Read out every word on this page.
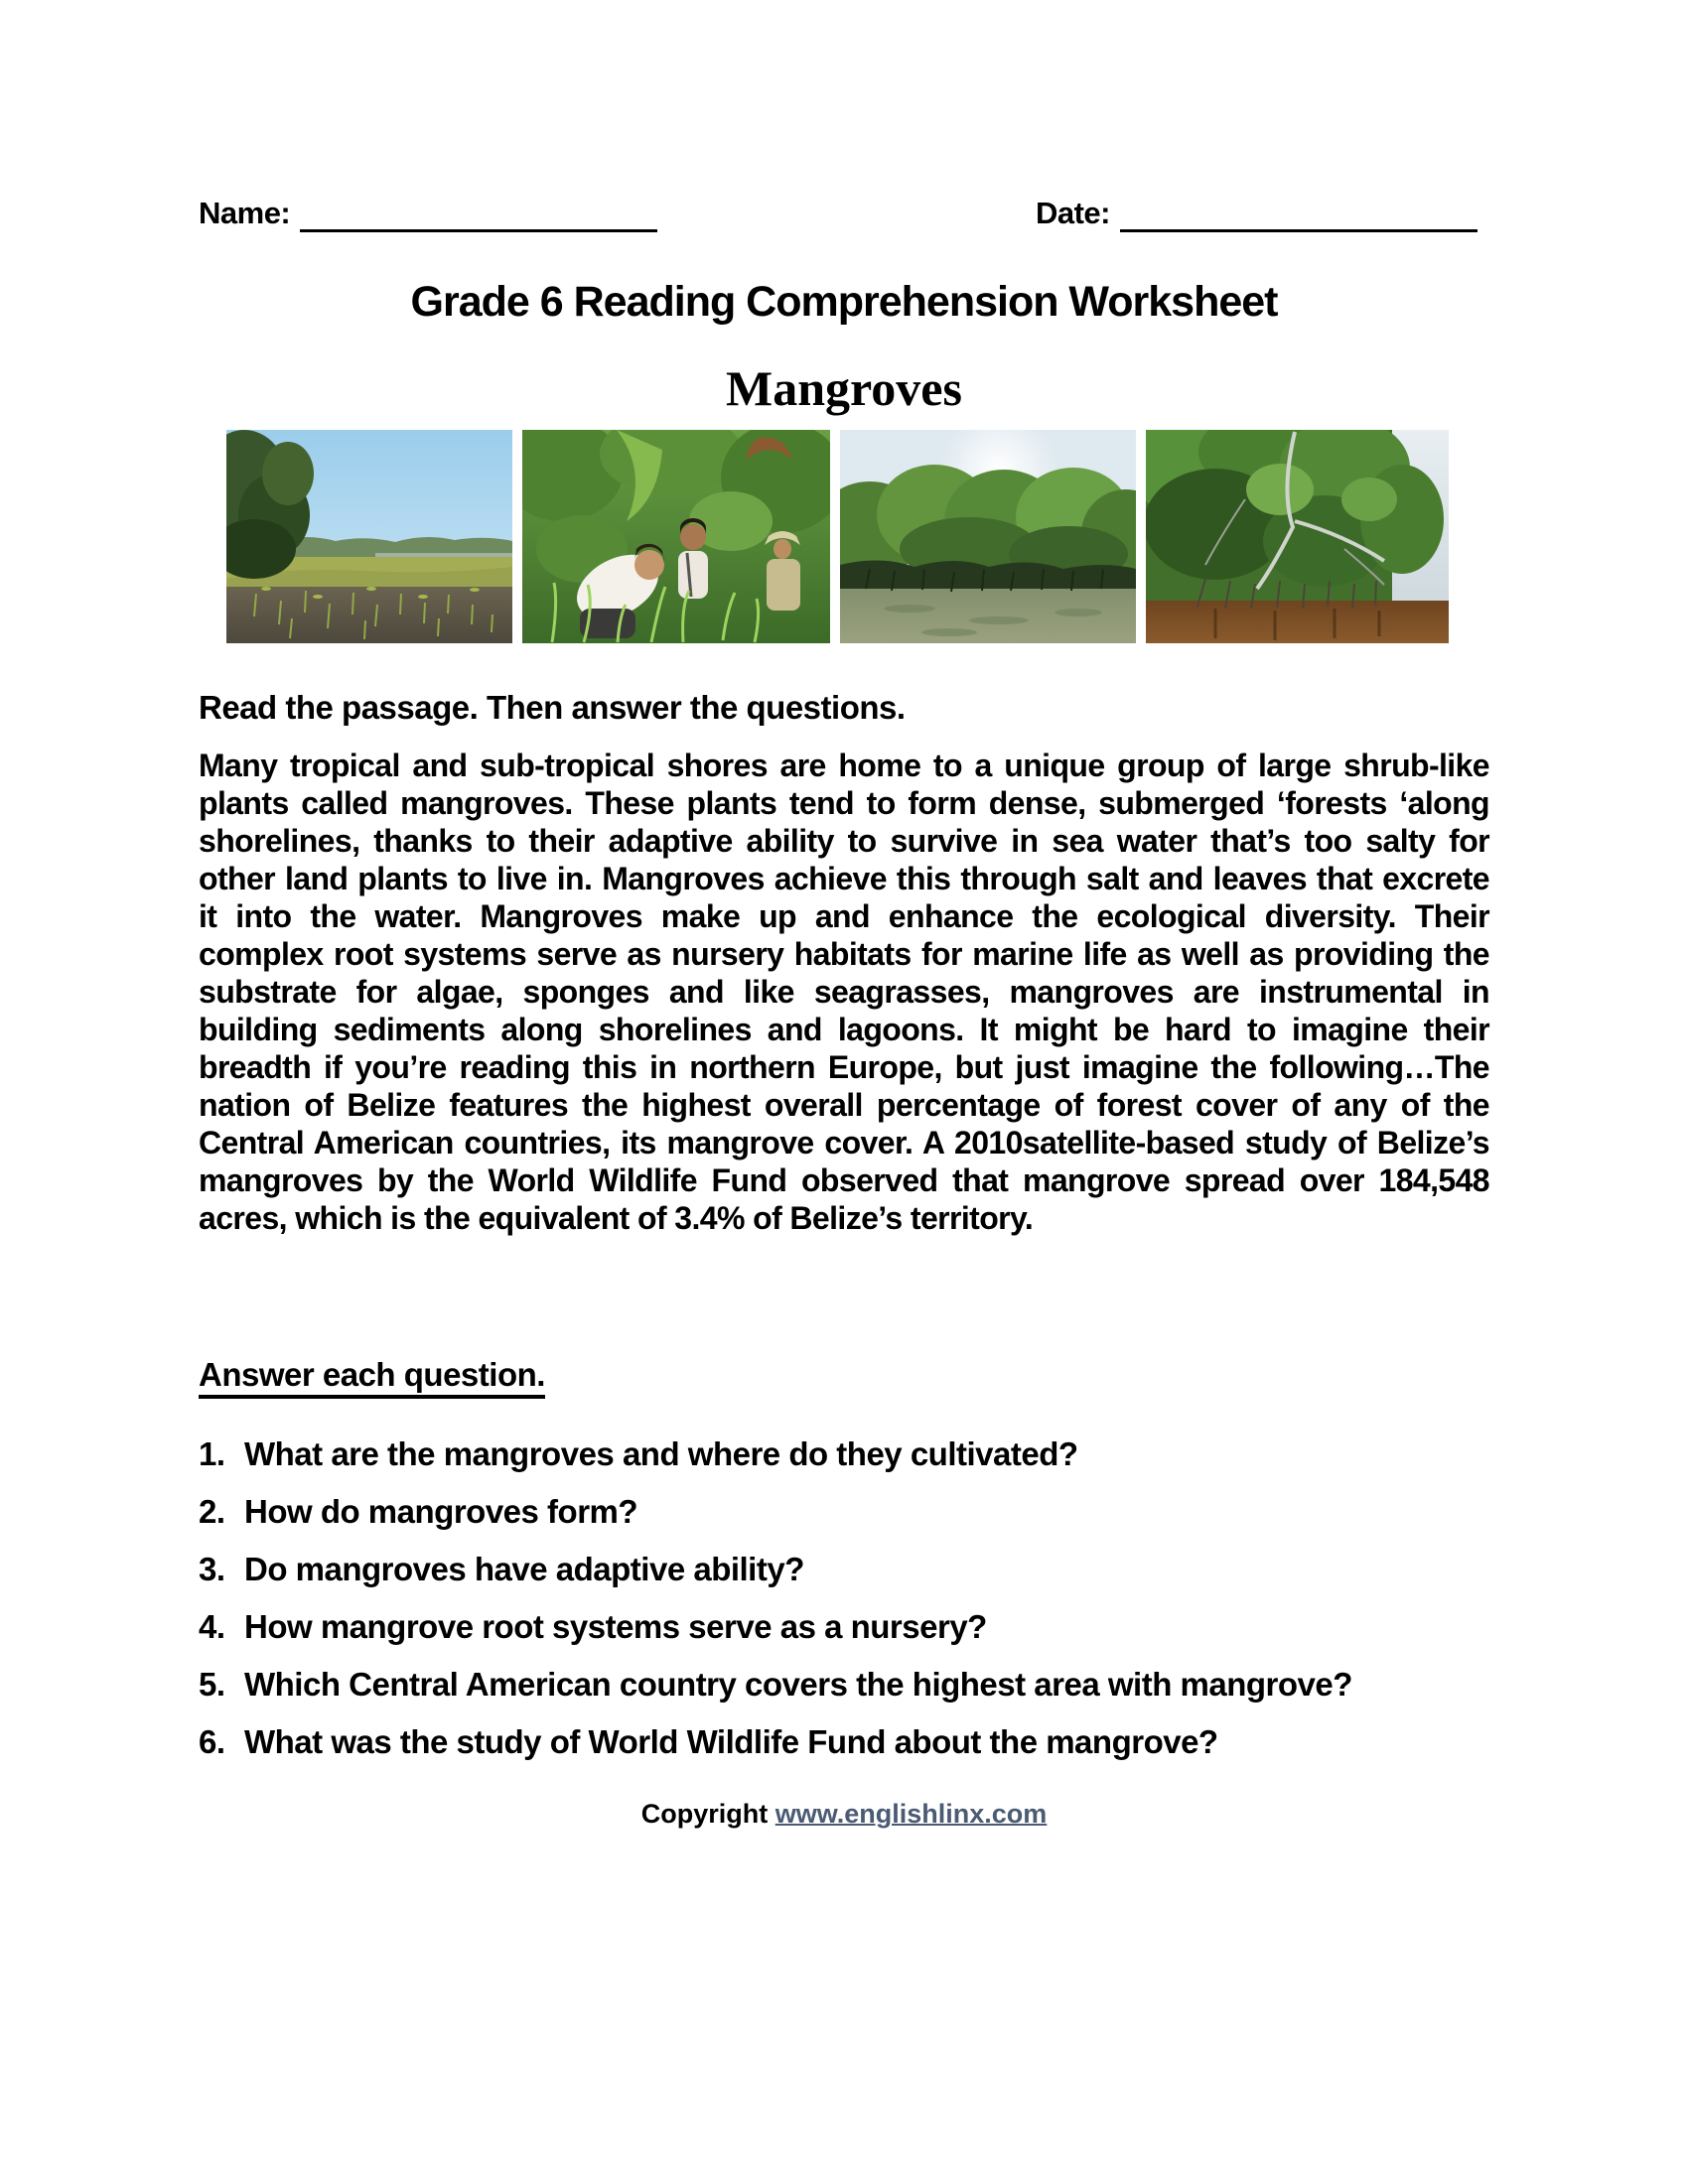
Name:	Date:
Grade 6 Reading Comprehension Worksheet
Mangroves

Read the passage. Then answer the questions.

Many tropical and sub-tropical shores are home to a unique group of large shrub-like plants called mangroves. These plants tend to form dense, submerged ‘forests ‘along shorelines, thanks to their adaptive ability to survive in sea water that’s too salty for other land plants to live in. Mangroves achieve this through salt and leaves that excrete it into the water. Mangroves make up and enhance the ecological diversity. Their complex root systems serve as nursery habitats for marine life as well as providing the substrate for algae, sponges and like seagrasses, mangroves are instrumental in building sediments along shorelines and lagoons. It might be hard to imagine their breadth if you’re reading this in northern Europe, but just imagine the following…The nation of Belize features the highest overall percentage of forest cover of any of the Central American countries, its mangrove cover. A 2010satellite-based study of Belize’s mangroves by the World Wildlife Fund observed that mangrove spread over 184,548 acres, which is the equivalent of 3.4% of Belize’s territory.

Answer each question.

1. What are the mangroves and where do they cultivated?
2. How do mangroves form?
3. Do mangroves have adaptive ability?
4. How mangrove root systems serve as a nursery?
5. Which Central American country covers the highest area with mangrove?
6. What was the study of World Wildlife Fund about the mangrove?
Copyright www.englishlinx.com
